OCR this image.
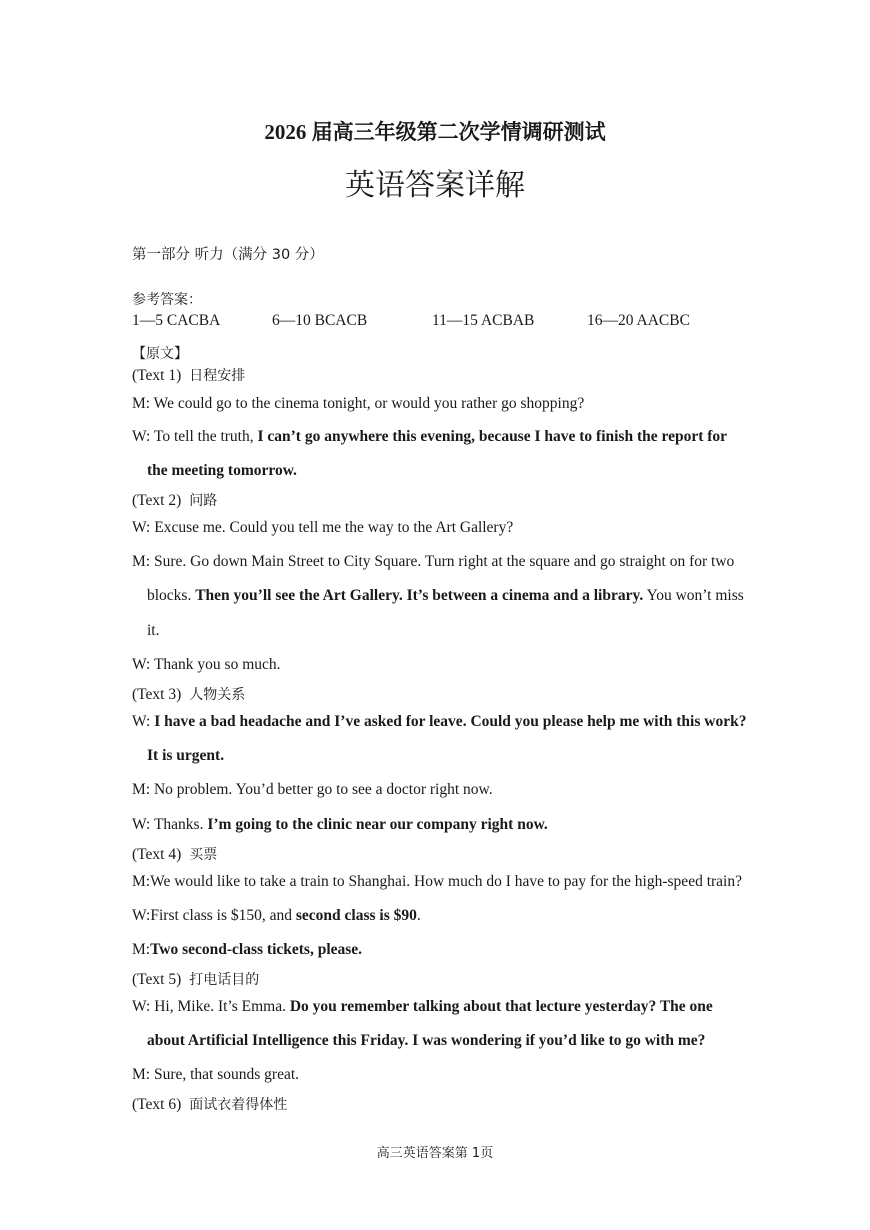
2026 届高三年级第二次学情调研测试
英语答案详解
第一部分 听力（满分 30 分）
参考答案：
1—5 CACBA	6—10 BCACB	11—15 ACBAB	16—20 AACBC
【原文】
(Text 1) 日程安排
M: We could go to the cinema tonight, or would you rather go shopping?
W: To tell the truth, I can’t go anywhere this evening, because I have to finish the report for
the meeting tomorrow.
(Text 2) 问路
W: Excuse me. Could you tell me the way to the Art Gallery?
M: Sure. Go down Main Street to City Square. Turn right at the square and go straight on for two
blocks. Then you’ll see the Art Gallery. It’s between a cinema and a library. You won’t miss
it.
W: Thank you so much.
(Text 3) 人物关系
W: I have a bad headache and I’ve asked for leave. Could you please help me with this work?
It is urgent.
M: No problem. You’d better go to see a doctor right now.
W: Thanks. I’m going to the clinic near our company right now.
(Text 4) 买票
M:We would like to take a train to Shanghai. How much do I have to pay for the high-speed train?
W:First class is $150, and second class is $90.
M:Two second-class tickets, please.
(Text 5) 打电话目的
W: Hi, Mike. It’s Emma. Do you remember talking about that lecture yesterday? The one
about Artificial Intelligence this Friday. I was wondering if you’d like to go with me?
M: Sure, that sounds great.
(Text 6) 面试衣着得体性
高三英语答案第 1页
